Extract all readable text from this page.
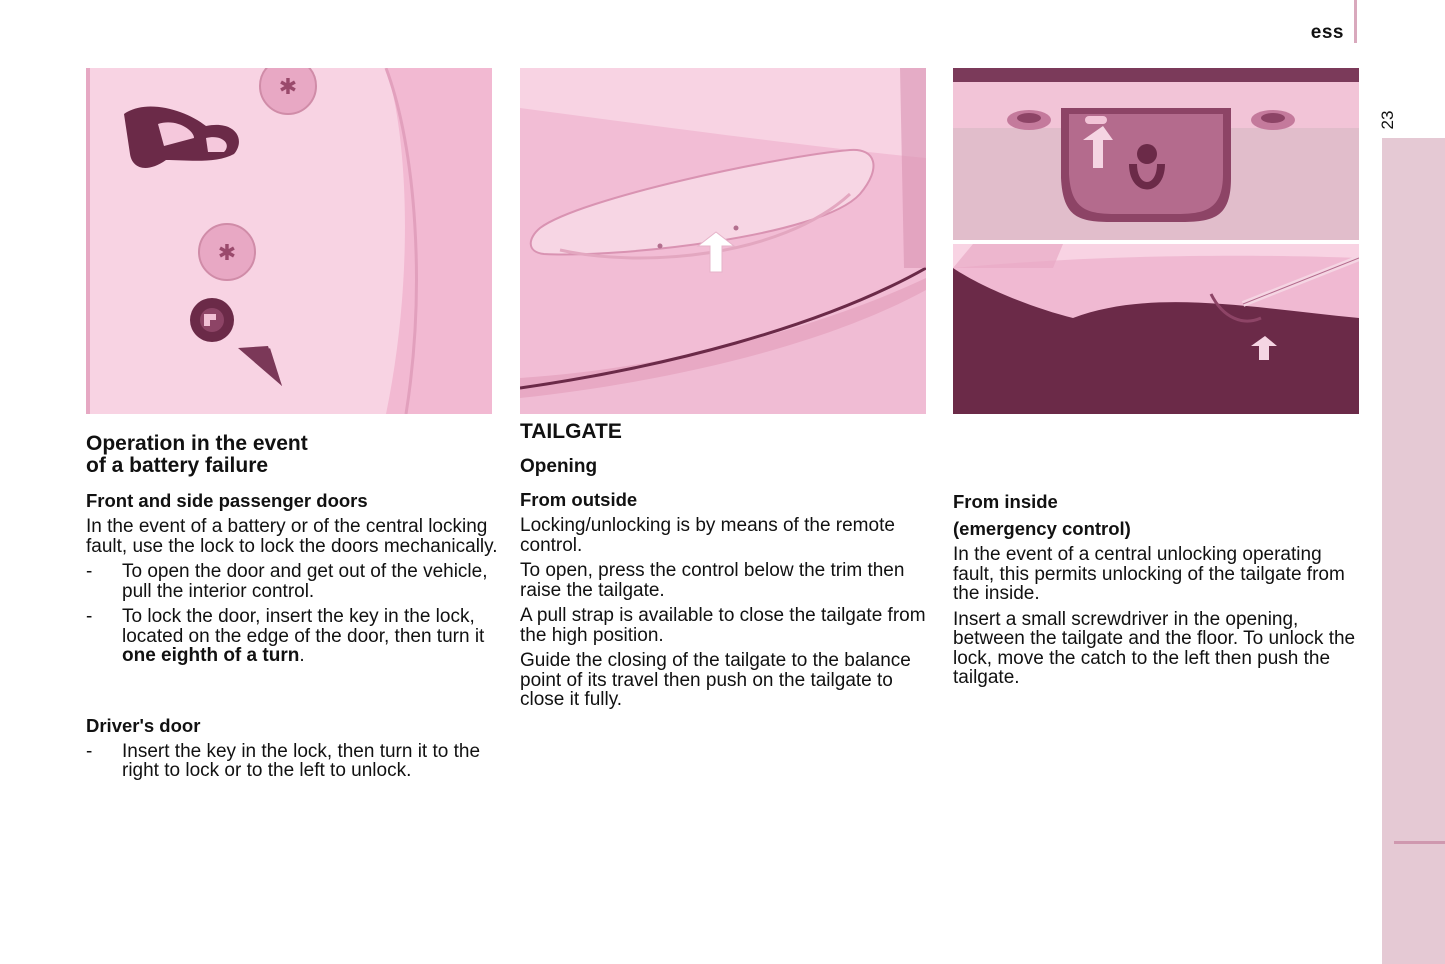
ess
23
✱
✱
Operation in the event
of a battery failure
Front and side passenger doors

In the event of a battery or of the central locking fault, use the lock to lock the doors mechanically.

- To open the door and get out of the vehicle, pull the interior control.
- To lock the door, insert the key in the lock, located on the edge of the door, then turn it one eighth of a turn.
Driver's door
- Insert the key in the lock, then turn it to the right to lock or to the left to unlock.
TAILGATE
Opening
From outside

Locking/unlocking is by means of the remote control.

To open, press the control below the trim then raise the tailgate.

A pull strap is available to close the tailgate from the high position.

Guide the closing of the tailgate to the balance point of its travel then push on the tailgate to close it fully.

From inside
(emergency control)

In the event of a central unlocking operating fault, this permits unlocking of the tailgate from the inside.

Insert a small screwdriver in the opening, between the tailgate and the floor. To unlock the lock, move the catch to the left then push the tailgate.
